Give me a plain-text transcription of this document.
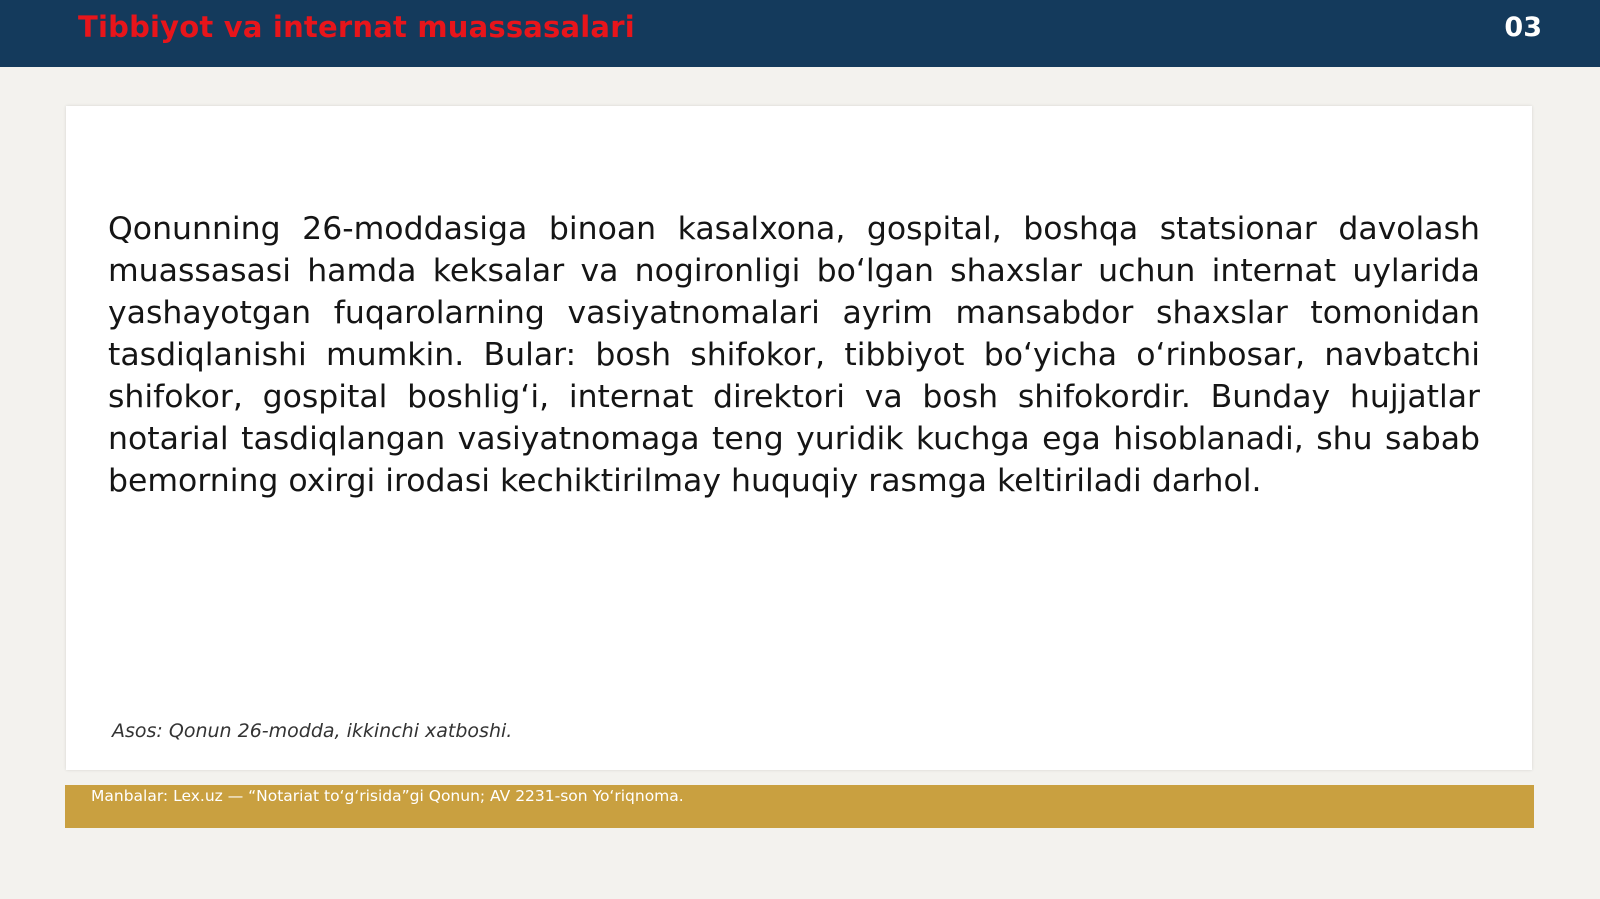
Tibbiyot va internat muassasalari	03

Qonunning 26-moddasiga binoan kasalxona, gospital, boshqa statsionar davolash muassasasi hamda keksalar va nogironligi bo‘lgan shaxslar uchun internat uylarida yashayotgan fuqarolarning vasiyatnomalari ayrim mansabdor shaxslar tomonidan tasdiqlanishi mumkin. Bular: bosh shifokor, tibbiyot bo‘yicha o‘rinbosar, navbatchi shifokor, gospital boshlig‘i, internat direktori va bosh shifokordir. Bunday hujjatlar notarial tasdiqlangan vasiyatnomaga teng yuridik kuchga ega hisoblanadi, shu sabab bemorning oxirgi irodasi kechiktirilmay huquqiy rasmga keltiriladi darhol.

Asos: Qonun 26-modda, ikkinchi xatboshi.
Manbalar: Lex.uz — “Notariat to‘g‘risida”gi Qonun; AV 2231-son Yo‘riqnoma.
